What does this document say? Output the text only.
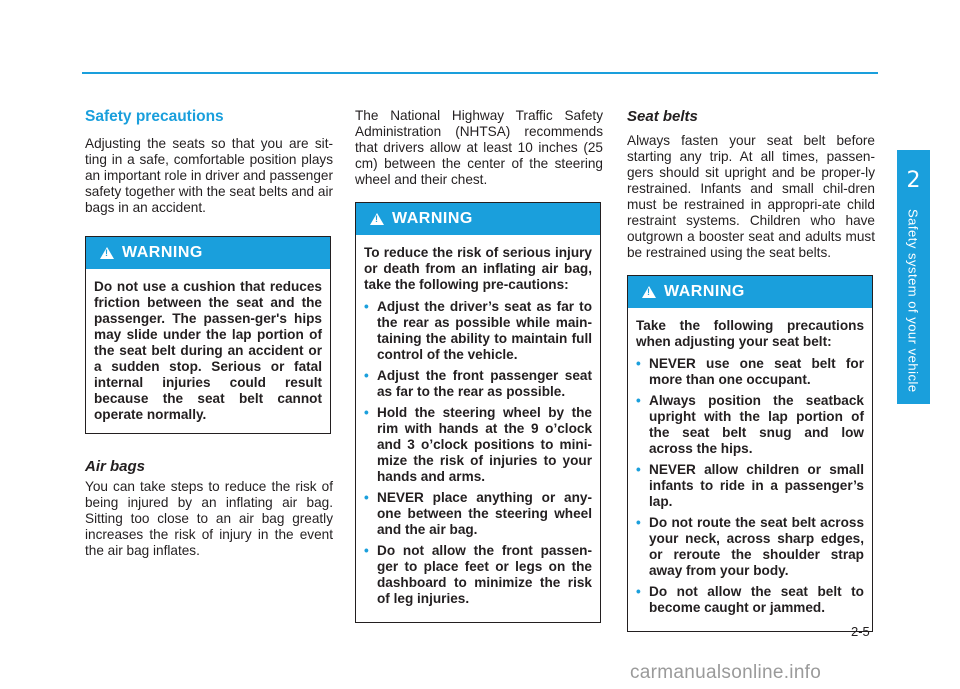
2
Safety system of your vehicle
Safety precautions

Adjusting the seats so that you are sit-ting in a safe, comfortable position plays an important role in driver and passenger safety together with the seat belts and air bags in an accident.

!
WARNING
Do not use a cushion that reduces friction between the seat and the passenger. The passen-ger's hips may slide under the lap portion of the seat belt during an accident or a sudden stop. Serious or fatal internal injuries could result because the seat belt cannot operate normally.
Air bags

You can take steps to reduce the risk of being injured by an inflating air bag. Sitting too close to an air bag greatly increases the risk of injury in the event the air bag inflates.

The National Highway Traffic Safety Administration (NHTSA) recommends that drivers allow at least 10 inches (25 cm) between the center of the steering wheel and their chest.

!
WARNING
To reduce the risk of serious injury or death from an inflating air bag, take the following pre-cautions:
• Adjust the driver’s seat as far to the rear as possible while main-taining the ability to maintain full control of the vehicle.
• Adjust the front passenger seat as far to the rear as possible.
• Hold the steering wheel by the rim with hands at the 9 o’clock and 3 o’clock positions to mini-mize the risk of injuries to your hands and arms.
• NEVER place anything or any-one between the steering wheel and the air bag.
• Do not allow the front passen-ger to place feet or legs on the dashboard to minimize the risk of leg injuries.
Seat belts

Always fasten your seat belt before starting any trip. At all times, passen-gers should sit upright and be proper-ly restrained. Infants and small chil-dren must be restrained in appropri-ate child restraint systems. Children who have outgrown a booster seat and adults must be restrained using the seat belts.

!
WARNING
Take the following precautions when adjusting your seat belt:
• NEVER use one seat belt for more than one occupant.
• Always position the seatback upright with the lap portion of the seat belt snug and low across the hips.
• NEVER allow children or small infants to ride in a passenger’s lap.
• Do not route the seat belt across your neck, across sharp edges, or reroute the shoulder strap away from your body.
• Do not allow the seat belt to become caught or jammed.
2-5
carmanualsonline.info
